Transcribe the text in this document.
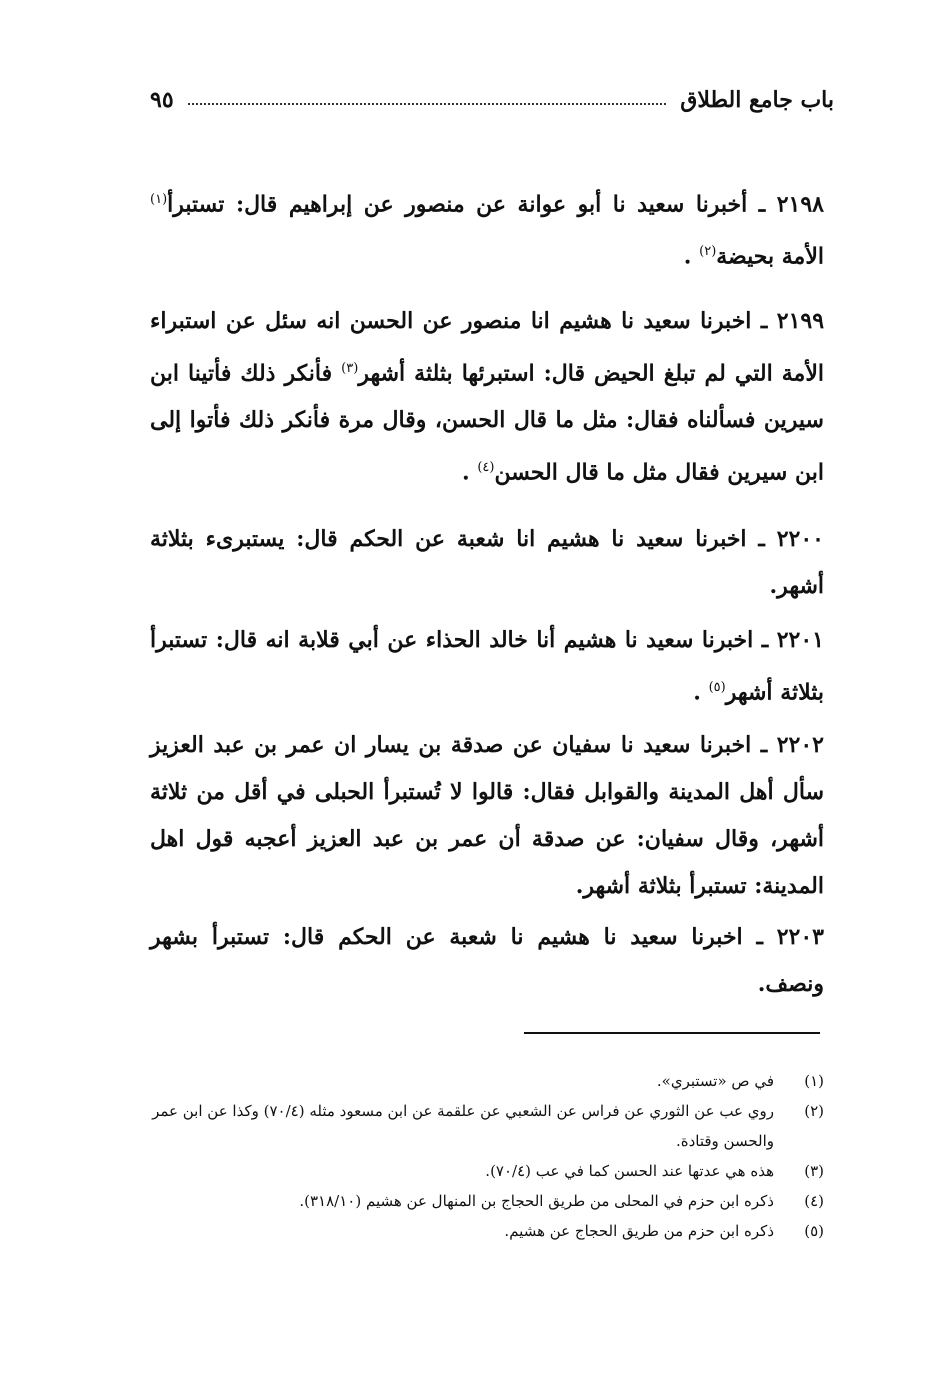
باب جامع الطلاق
٩٥
٢١٩٨ ـ أخبرنا سعيد نا أبو عوانة عن منصور عن إبراهيم قال: تستبرأ$^{(١)}$ الأمة بحيضة$^{(٢)}$ .
٢١٩٩ ـ اخبرنا سعيد نا هشيم انا منصور عن الحسن انه سئل عن استبراء الأمة التي لم تبلغ الحيض قال: استبرئها بثلثة أشهر$^{(٣)}$ فأنكر ذلك فأتينا ابن سيرين فسألناه فقال: مثل ما قال الحسن، وقال مرة فأنكر ذلك فأتوا إلى ابن سيرين فقال مثل ما قال الحسن$^{(٤)}$ .
٢٢٠٠ ـ اخبرنا سعيد نا هشيم انا شعبة عن الحكم قال: يستبرىء بثلاثة أشهر.
٢٢٠١ ـ اخبرنا سعيد نا هشيم أنا خالد الحذاء عن أبي قلابة انه قال: تستبرأ بثلاثة أشهر$^{(٥)}$ .
٢٢٠٢ ـ اخبرنا سعيد نا سفيان عن صدقة بن يسار ان عمر بن عبد العزيز سأل أهل المدينة والقوابل فقال: قالوا لا تُستبرأ الحبلى في أقل من ثلاثة أشهر، وقال سفيان: عن صدقة أن عمر بن عبد العزيز أعجبه قول اهل المدينة: تستبرأ بثلاثة أشهر.
٢٢٠٣ ـ اخبرنا سعيد نا هشيم نا شعبة عن الحكم قال: تستبرأ بشهر ونصف.
(١)
في ص «تستبري».
(٢)
روي عب عن الثوري عن فراس عن الشعبي عن علقمة عن ابن مسعود مثله (٧٠/٤) وكذا عن ابن عمر والحسن وقتادة.
(٣)
هذه هي عدتها عند الحسن كما في عب (٧٠/٤).
(٤)
ذكره ابن حزم في المحلى من طريق الحجاج بن المنهال عن هشيم (٣١٨/١٠).
(٥)
ذكره ابن حزم من طريق الحجاج عن هشيم.
